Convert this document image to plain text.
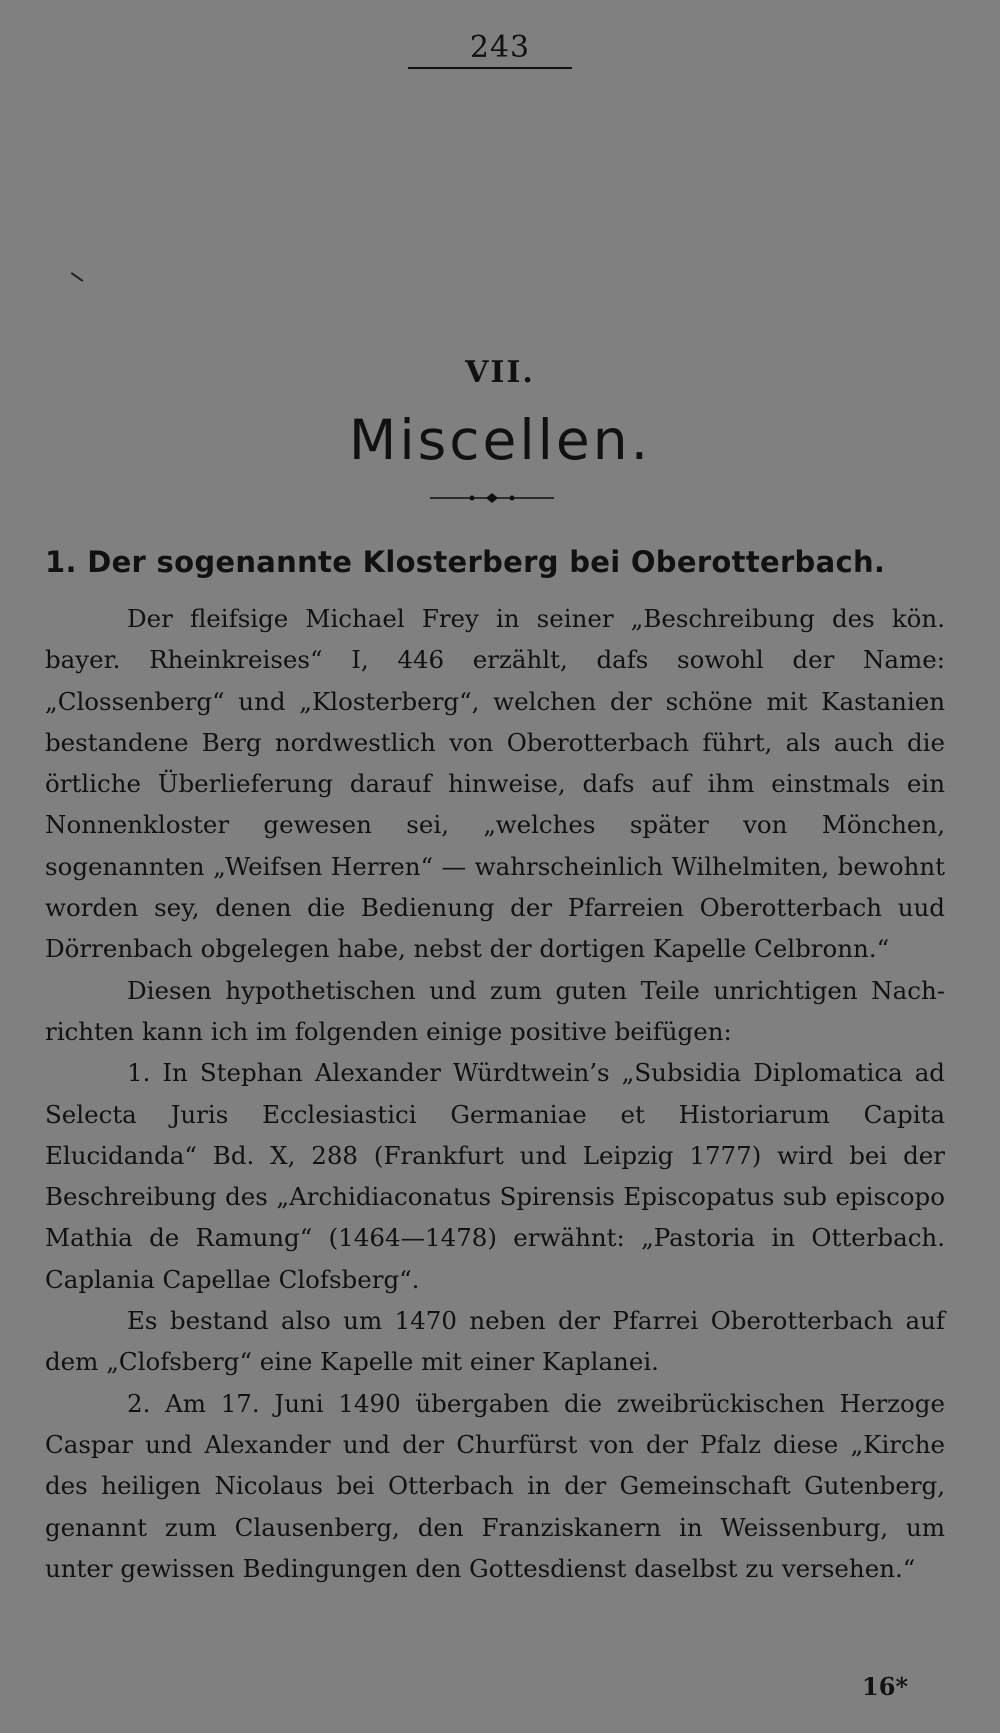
243
VII.
Miscellen.
1. Der sogenannte Klosterberg bei Oberotterbach.

Der fleifsige Michael Frey in seiner „Beschreibung des kön. bayer. Rheinkreises“ I, 446 erzählt, dafs sowohl der Name: „Clossenberg“ und „Klosterberg“, welchen der schöne mit Kastanien bestandene Berg nordwestlich von Oberotterbach führt, als auch die örtliche Überlieferung darauf hinweise, dafs auf ihm einstmals ein Nonnenkloster gewesen sei, „welches später von Mönchen, sogenannten „Weifsen Herren“ — wahrscheinlich Wilhelmiten, bewohnt worden sey, denen die Bedienung der Pfarreien Oberotterbach uud Dörrenbach obgelegen habe, nebst der dortigen Kapelle Celbronn.“

Diesen hypothetischen und zum guten Teile unrichtigen Nachrichten kann ich im folgenden einige positive beifügen:

1. In Stephan Alexander Würdtwein’s „Subsidia Diplomatica ad Selecta Juris Ecclesiastici Germaniae et Historiarum Capita Elucidanda“ Bd. X, 288 (Frankfurt und Leipzig 1777) wird bei der Beschreibung des „Archidiaconatus Spirensis Episcopatus sub episcopo Mathia de Ramung“ (1464—1478) erwähnt: „Pastoria in Otterbach. Caplania Capellae Clofsberg“.

Es bestand also um 1470 neben der Pfarrei Oberotterbach auf dem „Clofsberg“ eine Kapelle mit einer Kaplanei.

2. Am 17. Juni 1490 übergaben die zweibrückischen Herzoge Caspar und Alexander und der Churfürst von der Pfalz diese „Kirche des heiligen Nicolaus bei Otterbach in der Gemeinschaft Gutenberg, genannt zum Clausenberg, den Franziskanern in Weissenburg, um unter gewissen Bedingungen den Gottesdienst daselbst zu versehen.“

16*
